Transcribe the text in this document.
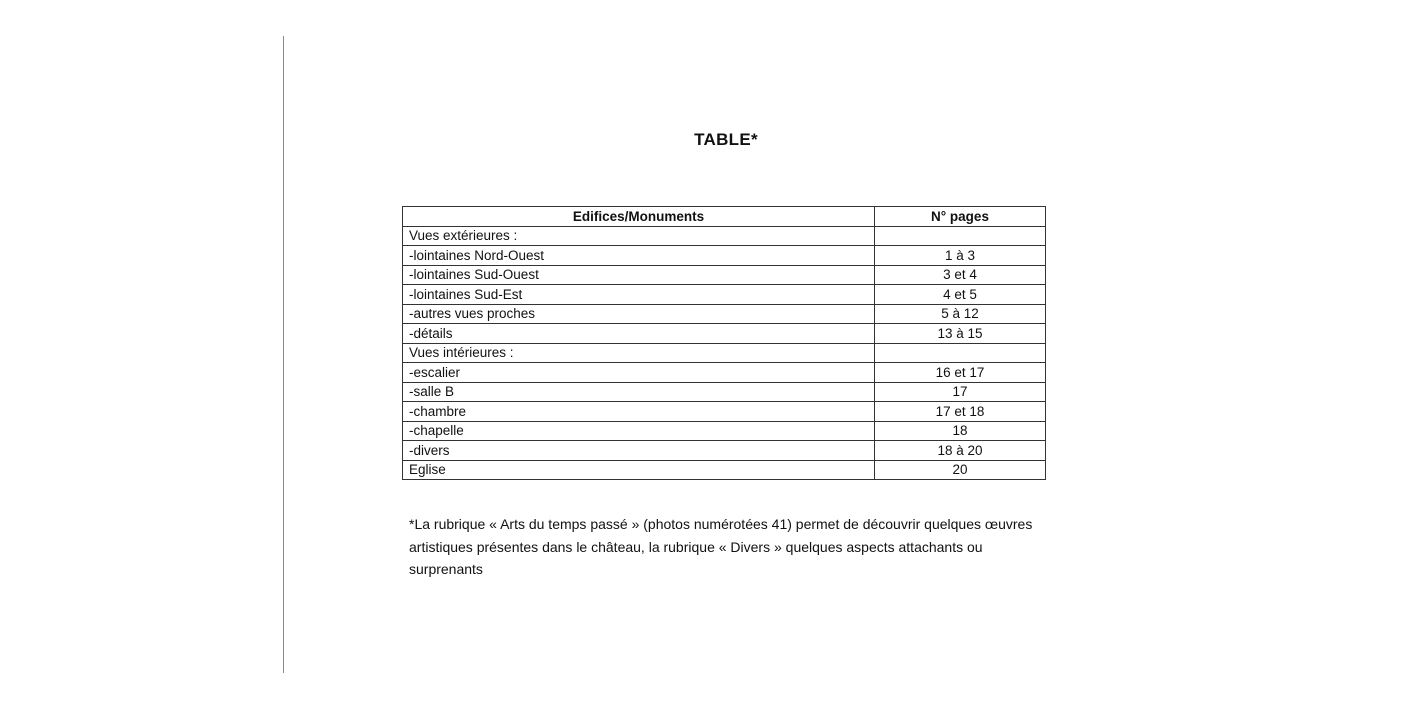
TABLE*
Edifices/Monuments	N° pages
Vues extérieures :	
-lointaines Nord-Ouest	1 à 3
-lointaines Sud-Ouest	3 et 4
-lointaines Sud-Est	4 et 5
-autres vues proches	5 à 12
-détails	13 à 15
Vues intérieures :	
-escalier	16 et 17
-salle B	17
-chambre	17 et 18
-chapelle	18
-divers	18 à 20
Eglise	20
*La rubrique « Arts du temps passé » (photos numérotées 41) permet de découvrir quelques œuvres artistiques présentes dans le château, la rubrique « Divers » quelques aspects attachants ou surprenants
